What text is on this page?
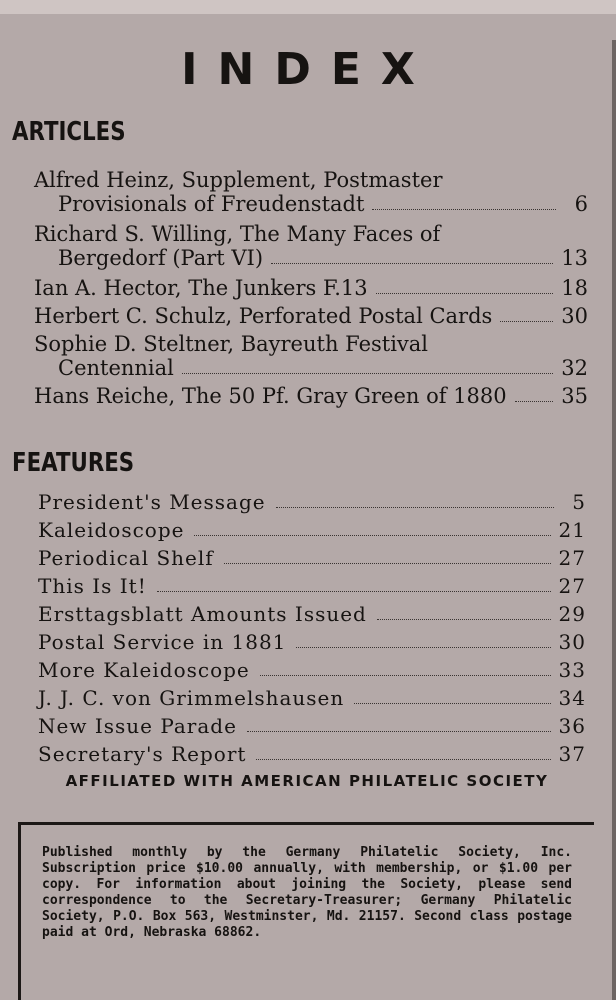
INDEX
ARTICLES
Alfred Heinz, Supplement, Postmaster
Provisionals of Freudenstadt	6
Richard S. Willing, The Many Faces of
Bergedorf (Part VI)	13
Ian A. Hector, The Junkers F.13	18
Herbert C. Schulz, Perforated Postal Cards	30
Sophie D. Steltner, Bayreuth Festival
Centennial	32
Hans Reiche, The 50 Pf. Gray Green of 1880	35
FEATURES
President's Message	5
Kaleidoscope	21
Periodical Shelf	27
This Is It!	27
Ersttagsblatt Amounts Issued	29
Postal Service in 1881	30
More Kaleidoscope	33
J. J. C. von Grimmelshausen	34
New Issue Parade	36
Secretary's Report	37
AFFILIATED WITH AMERICAN PHILATELIC SOCIETY
Published monthly by the Germany Philatelic Society, Inc. Subscription price $10.00 annually, with membership, or $1.00 per copy. For information about joining the Society, please send correspondence to the Secretary-Treasurer; Germany Philatelic Society, P.O. Box 563, Westminster, Md. 21157. Second class postage paid at Ord, Nebraska 68862.
